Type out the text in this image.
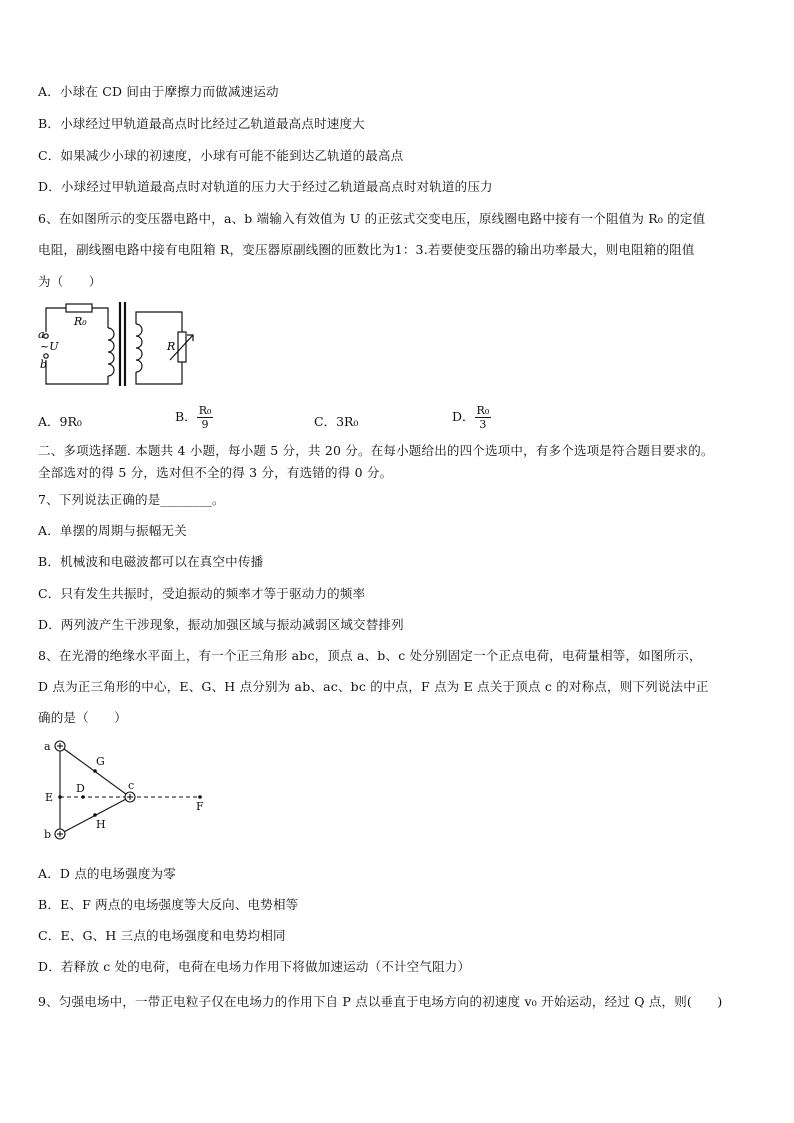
A．小球在 CD 间由于摩擦力而做减速运动
B．小球经过甲轨道最高点时比经过乙轨道最高点时速度大
C．如果减少小球的初速度，小球有可能不能到达乙轨道的最高点
D．小球经过甲轨道最高点时对轨道的压力大于经过乙轨道最高点时对轨道的压力
6、在如图所示的变压器电路中，a、b 端输入有效值为 U 的正弦式交变电压，原线圈电路中接有一个阻值为 R₀ 的定值
电阻，副线圈电路中接有电阻箱 R，变压器原副线圈的匝数比为1：3.若要使变压器的输出功率最大，则电阻箱的阻值
为（　　）
R₀
a
~U
b
R
A．9R₀	B． $\frac{\text{R₀}}{9}$	C．3R₀	D． $\frac{\text{R₀}}{3}$
二、多项选择题. 本题共 4 小题，每小题 5 分，共 20 分。在每小题给出的四个选项中，有多个选项是符合题目要求的。
全部选对的得 5 分，选对但不全的得 3 分，有选错的得 0 分。
7、下列说法正确的是________。
A．单摆的周期与振幅无关
B．机械波和电磁波都可以在真空中传播
C．只有发生共振时，受迫振动的频率才等于驱动力的频率
D．两列波产生干涉现象，振动加强区域与振动减弱区域交替排列
8、在光滑的绝缘水平面上，有一个正三角形 abc，顶点 a、b、c 处分别固定一个正点电荷，电荷量相等，如图所示，
D 点为正三角形的中心，E、G、H 点分别为 ab、ac、bc 的中点，F 点为 E 点关于顶点 c 的对称点，则下列说法中正
确的是（　　）
a
b
c
D
E
F
G
H
A．D 点的电场强度为零
B．E、F 两点的电场强度等大反向、电势相等
C．E、G、H 三点的电场强度和电势均相同
D．若释放 c 处的电荷，电荷在电场力作用下将做加速运动（不计空气阻力）
9、匀强电场中，一带正电粒子仅在电场力的作用下自 P 点以垂直于电场方向的初速度 v₀ 开始运动，经过 Q 点，则(　　)
